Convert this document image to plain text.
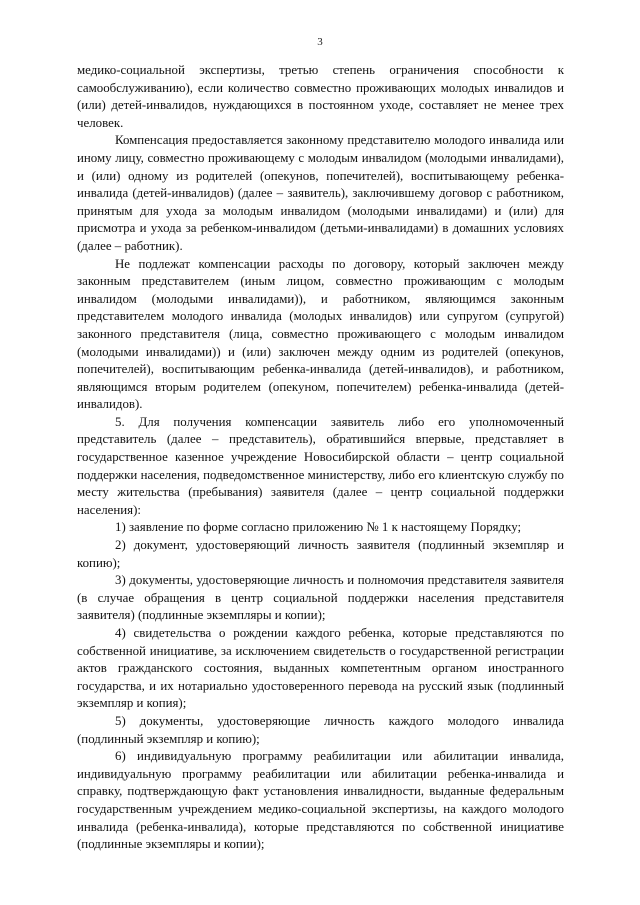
3

медико-социальной экспертизы, третью степень ограничения способности к самообслуживанию), если количество совместно проживающих молодых инвалидов и (или) детей-инвалидов, нуждающихся в постоянном уходе, составляет не менее трех человек.

Компенсация предоставляется законному представителю молодого инвалида или иному лицу, совместно проживающему с молодым инвалидом (молодыми инвалидами), и (или) одному из родителей (опекунов, попечителей), воспитывающему ребенка-инвалида (детей-инвалидов) (далее – заявитель), заключившему договор с работником, принятым для ухода за молодым инвалидом (молодыми инвалидами) и (или) для присмотра и ухода за ребенком-инвалидом (детьми-инвалидами) в домашних условиях (далее – работник).

Не подлежат компенсации расходы по договору, который заключен между законным представителем (иным лицом, совместно проживающим с молодым инвалидом (молодыми инвалидами)), и работником, являющимся законным представителем молодого инвалида (молодых инвалидов) или супругом (супругой) законного представителя (лица, совместно проживающего с молодым инвалидом (молодыми инвалидами)) и (или) заключен между одним из родителей (опекунов, попечителей), воспитывающим ребенка-инвалида (детей-инвалидов), и работником, являющимся вторым родителем (опекуном, попечителем) ребенка-инвалида (детей-инвалидов).

5. Для получения компенсации заявитель либо его уполномоченный представитель (далее – представитель), обратившийся впервые, представляет в государственное казенное учреждение Новосибирской области – центр социальной поддержки населения, подведомственное министерству, либо его клиентскую службу по месту жительства (пребывания) заявителя (далее – центр социальной поддержки населения):

1) заявление по форме согласно приложению № 1 к настоящему Порядку;

2) документ, удостоверяющий личность заявителя (подлинный экземпляр и копию);

3) документы, удостоверяющие личность и полномочия представителя заявителя (в случае обращения в центр социальной поддержки населения представителя заявителя) (подлинные экземпляры и копии);

4) свидетельства о рождении каждого ребенка, которые представляются по собственной инициативе, за исключением свидетельств о государственной регистрации актов гражданского состояния, выданных компетентным органом иностранного государства, и их нотариально удостоверенного перевода на русский язык (подлинный экземпляр и копия);

5) документы, удостоверяющие личность каждого молодого инвалида (подлинный экземпляр и копию);

6) индивидуальную программу реабилитации или абилитации инвалида, индивидуальную программу реабилитации или абилитации ребенка-инвалида и справку, подтверждающую факт установления инвалидности, выданные федеральным государственным учреждением медико-социальной экспертизы, на каждого молодого инвалида (ребенка-инвалида), которые представляются по собственной инициативе (подлинные экземпляры и копии);
